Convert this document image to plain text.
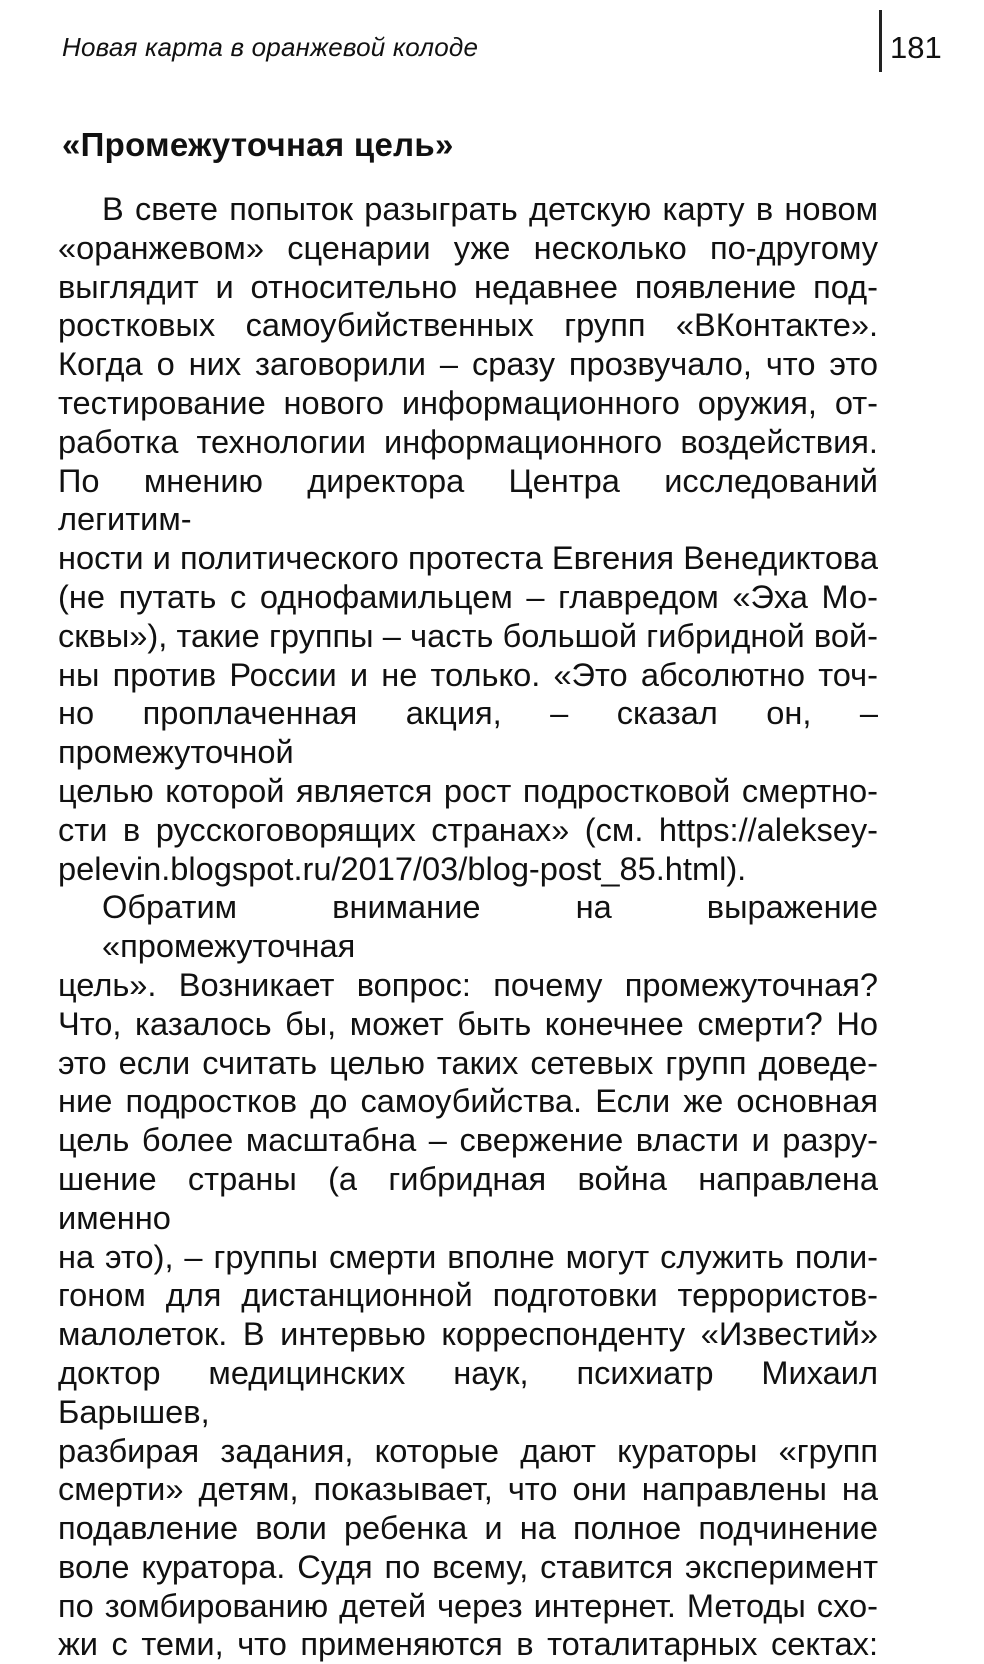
Новая карта в оранжевой колоде	181
«Промежуточная цель»
В свете попыток разыграть детскую карту в новом
«оранжевом» сценарии уже несколько по-другому
выглядит и относительно недавнее появление под-
ростковых самоубийственных групп «ВКонтакте».
Когда о них заговорили – сразу прозвучало, что это
тестирование нового информационного оружия, от-
работка технологии информационного воздействия.
По мнению директора Центра исследований легитим-
ности и политического протеста Евгения Венедиктова
(не путать с однофамильцем – главредом «Эха Мо-
сквы»), такие группы – часть большой гибридной вой-
ны против России и не только. «Это абсолютно точ-
но проплаченная акция, – сказал он, – промежуточной
целью которой является рост подростковой смертно-
сти в русскоговорящих странах» (см. https://aleksey-
pelevin.blogspot.ru/2017/03/blog-post_85.html).
Обратим внимание на выражение «промежуточная
цель». Возникает вопрос: почему промежуточная?
Что, казалось бы, может быть конечнее смерти? Но
это если считать целью таких сетевых групп доведе-
ние подростков до самоубийства. Если же основная
цель более масштабна – свержение власти и разру-
шение страны (а гибридная война направлена именно
на это), – группы смерти вполне могут служить поли-
гоном для дистанционной подготовки террористов-
малолеток. В интервью корреспонденту «Известий»
доктор медицинских наук, психиатр Михаил Барышев,
разбирая задания, которые дают кураторы «групп
смерти» детям, показывает, что они направлены на
подавление воли ребенка и на полное подчинение
воле куратора. Судя по всему, ставится эксперимент
по зомбированию детей через интернет. Методы схо-
жи с теми, что применяются в тоталитарных сектах:
